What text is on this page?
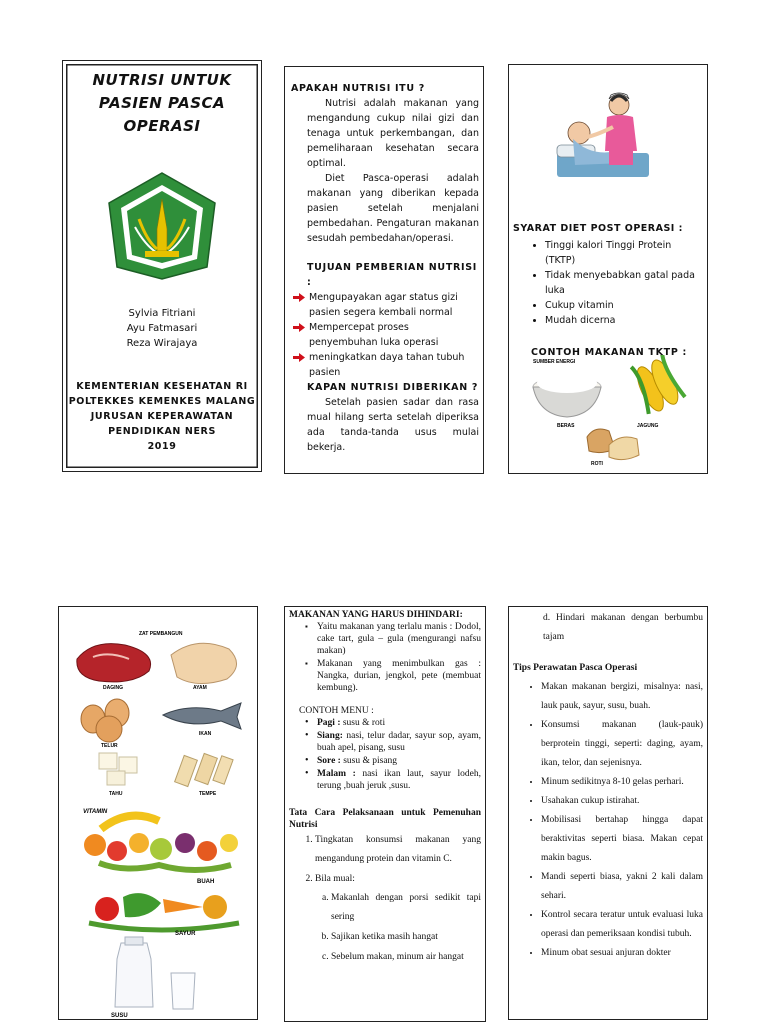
NUTRISI UNTUK
PASIEN PASCA
OPERASI
Sylvia Fitriani
Ayu Fatmasari
Reza Wirajaya
KEMENTERIAN KESEHATAN RI
POLTEKKES KEMENKES MALANG
JURUSAN KEPERAWATAN
PENDIDIKAN NERS
2019
APAKAH NUTRISI ITU ?

Nutrisi adalah makanan yang mengandung cukup nilai gizi dan tenaga untuk perkembangan, dan pemeliharaan kesehatan secara optimal.

Diet Pasca-operasi adalah makanan yang diberikan kepada pasien setelah menjalani pembedahan. Pengaturan makanan sesudah pembedahan/operasi.

TUJUAN PEMBERIAN NUTRISI :
Mengupayakan agar status gizi pasien segera kembali normal
Mempercepat proses penyembuhan luka operasi
meningkatkan daya tahan tubuh pasien
KAPAN NUTRISI DIBERIKAN ?

Setelah pasien sadar dan rasa mual hilang serta setelah diperiksa ada tanda-tanda usus mulai bekerja.

SYARAT DIET POST OPERASI :
• Tinggi kalori Tinggi Protein (TKTP)
• Tidak menyebabkan gatal pada luka
• Cukup vitamin
• Mudah dicerna
CONTOH MAKANAN TKTP :
SUMBER ENERGI
BERAS	JAGUNG
ROTI
ZAT PEMBANGUN
DAGING	AYAM
TELUR
IKAN
TAHU	TEMPE
VITAMIN
BUAH
SAYUR
SUSU
MAKANAN YANG HARUS DIHINDARI:
▪ Yaitu makanan yang terlalu manis : Dodol, cake tart, gula – gula (mengurangi nafsu makan)
▪ Makanan yang menimbulkan gas : Nangka, durian, jengkol, pete (membuat kembung).
CONTOH MENU :
• Pagi : susu & roti
• Siang: nasi, telur dadar, sayur sop, ayam, buah apel, pisang, susu
• Sore : susu & pisang
• Malam : nasi ikan laut, sayur lodeh, terung ,buah jeruk ,susu.
Tata Cara Pelaksanaan untuk Pemenuhan Nutrisi
1. Tingkatan konsumsi makanan yang mengandung protein dan vitamin C.
2. Bila mual:
a. Makanlah dengan porsi sedikit tapi sering
b. Sajikan ketika masih hangat
c. Sebelum makan, minum air hangat
d. Hindari makanan dengan berbumbu tajam
Tips Perawatan Pasca Operasi
• Makan makanan bergizi, misalnya: nasi, lauk pauk, sayur, susu, buah.
• Konsumsi makanan (lauk-pauk) berprotein tinggi, seperti: daging, ayam, ikan, telor, dan sejenisnya.
• Minum sedikitnya 8-10 gelas perhari.
• Usahakan cukup istirahat.
• Mobilisasi bertahap hingga dapat beraktivitas seperti biasa. Makan cepat makin bagus.
• Mandi seperti biasa, yakni 2 kali dalam sehari.
• Kontrol secara teratur untuk evaluasi luka operasi dan pemeriksaan kondisi tubuh.
• Minum obat sesuai anjuran dokter
